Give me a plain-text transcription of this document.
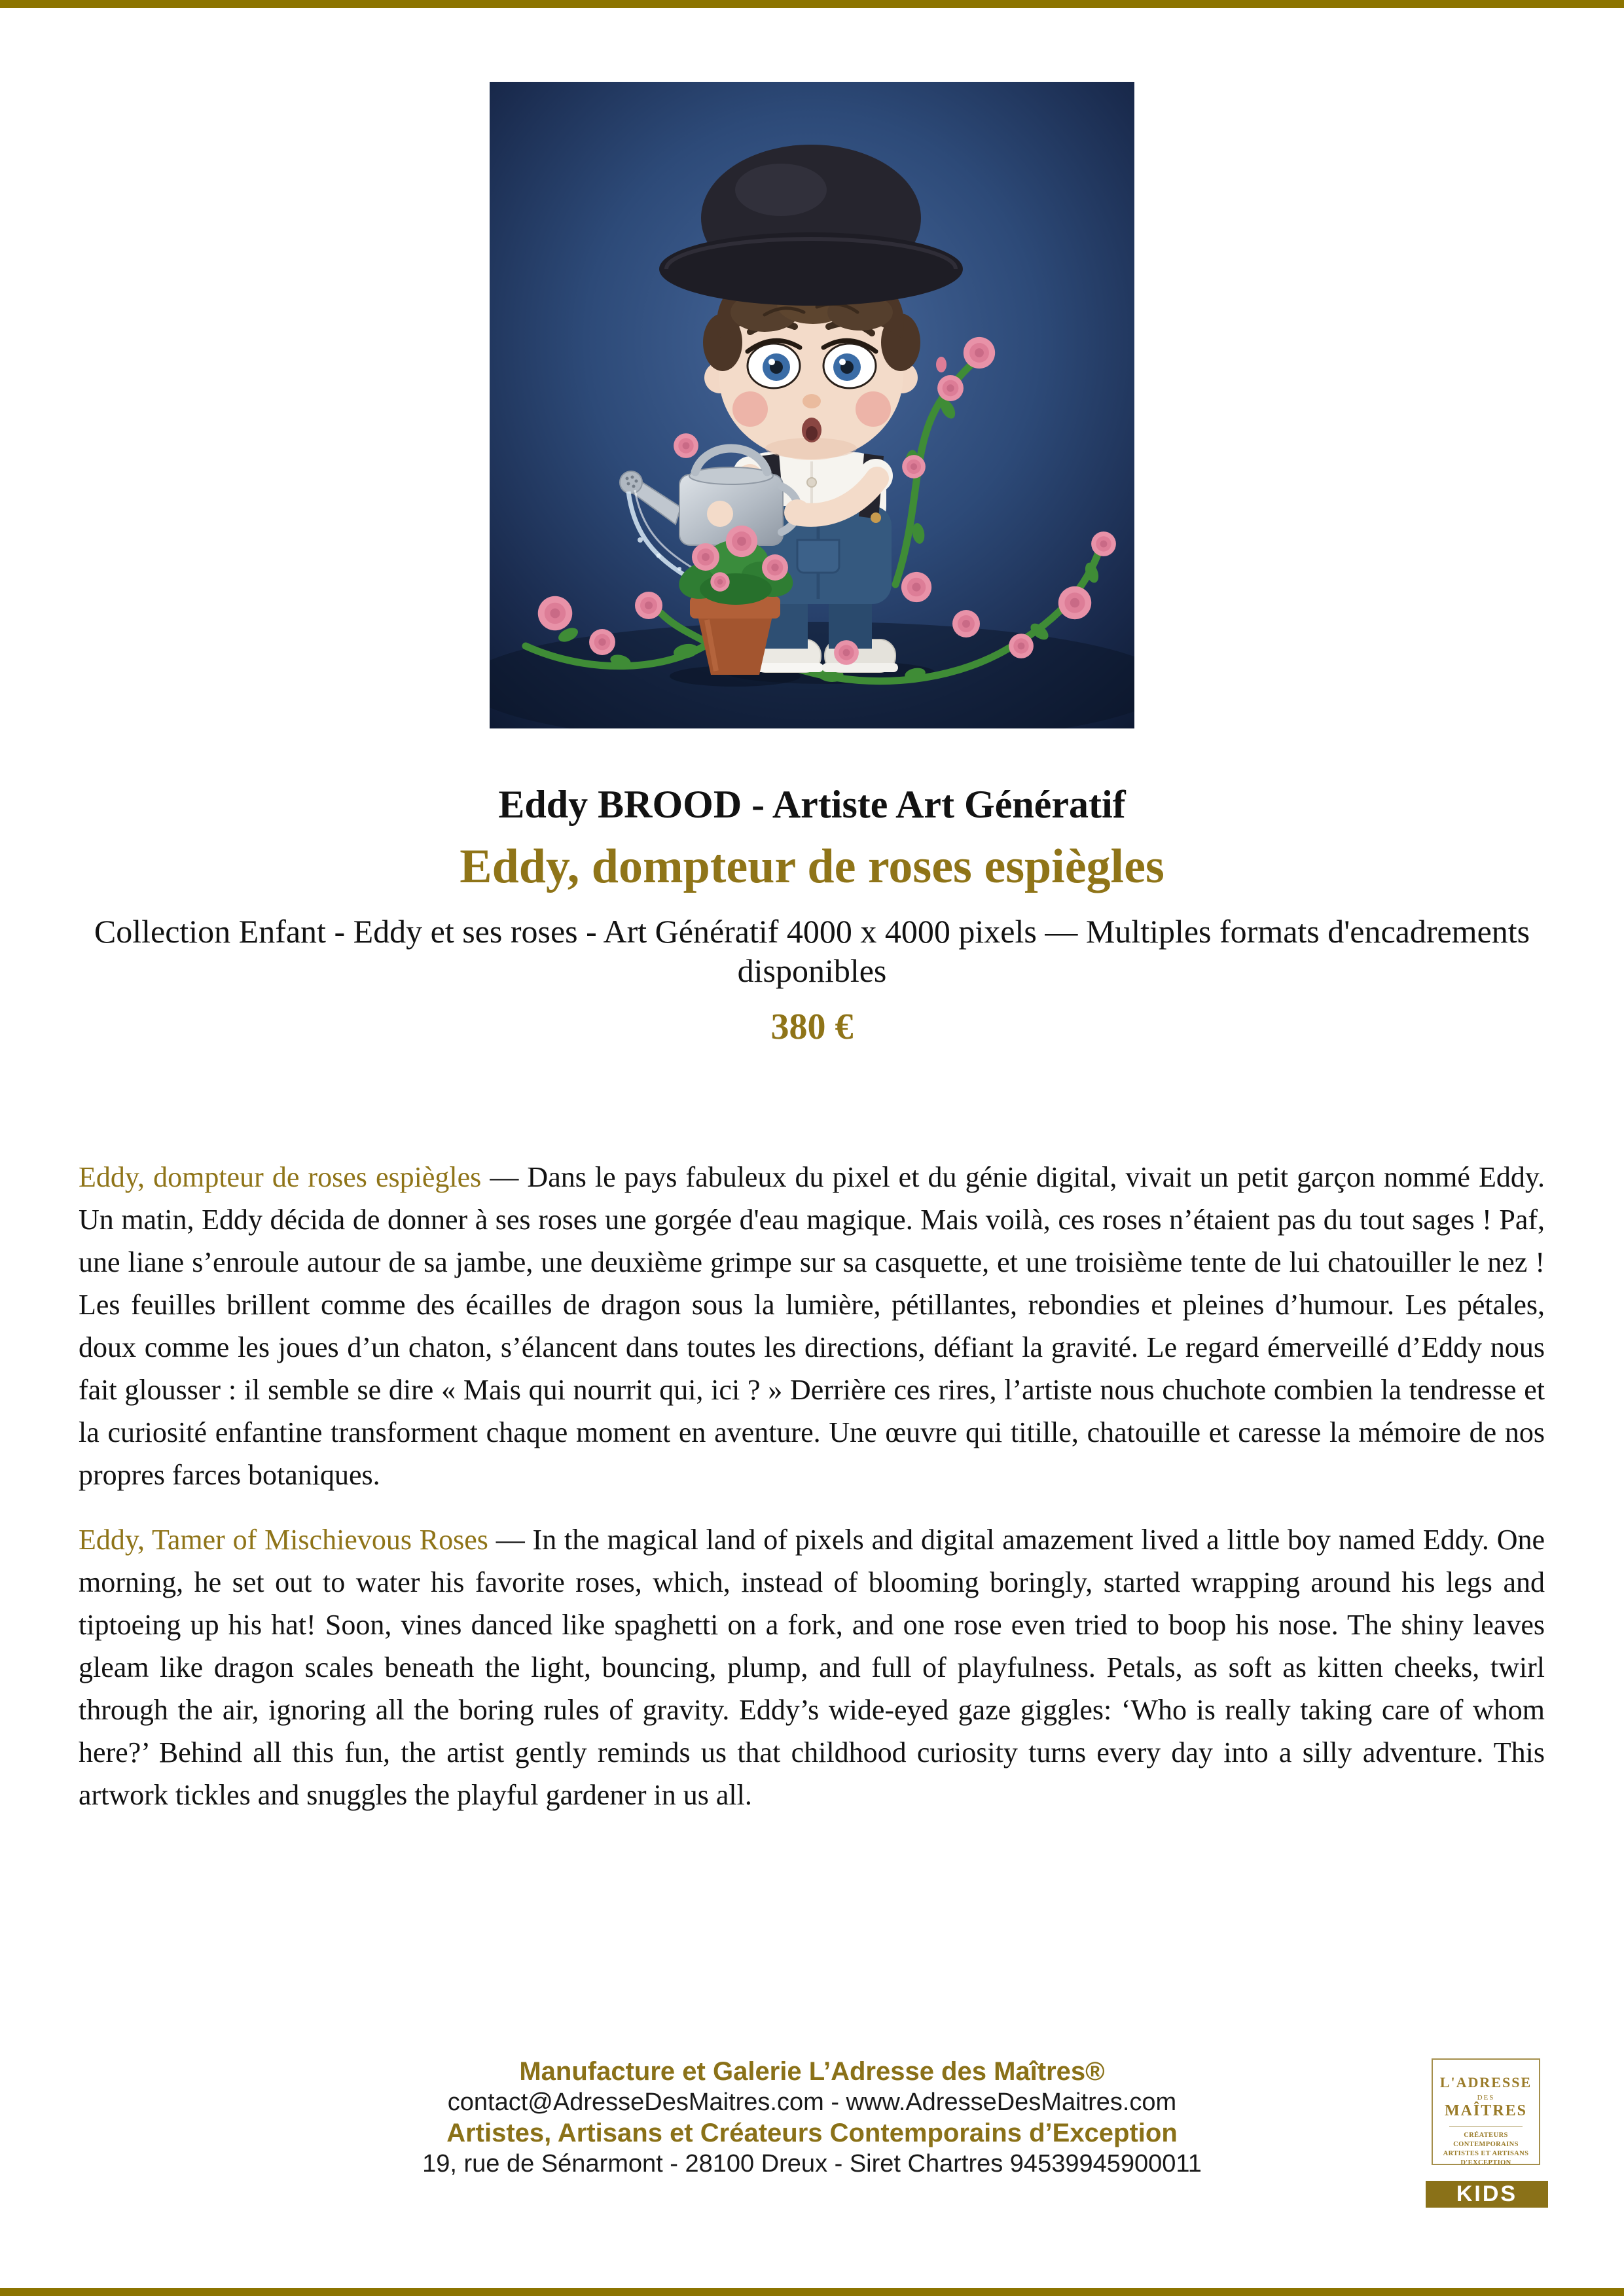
Eddy BROOD - Artiste Art Génératif
Eddy, dompteur de roses espiègles

Collection Enfant - Eddy et ses roses - Art Génératif 4000 x 4000 pixels — Multiples formats d'encadrements disponibles

380 €

Eddy, dompteur de roses espiègles — Dans le pays fabuleux du pixel et du génie digital, vivait un petit garçon nommé Eddy. Un matin, Eddy décida de donner à ses roses une gorgée d'eau magique. Mais voilà, ces roses n’étaient pas du tout sages ! Paf, une liane s’enroule autour de sa jambe, une deuxième grimpe sur sa casquette, et une troisième tente de lui chatouiller le nez ! Les feuilles brillent comme des écailles de dragon sous la lumière, pétillantes, rebondies et pleines d’humour. Les pétales, doux comme les joues d’un chaton, s’élancent dans toutes les directions, défiant la gravité. Le regard émerveillé d’Eddy nous fait glousser : il semble se dire « Mais qui nourrit qui, ici ? » Derrière ces rires, l’artiste nous chuchote combien la tendresse et la curiosité enfantine transforment chaque moment en aventure. Une œuvre qui titille, chatouille et caresse la mémoire de nos propres farces botaniques.

Eddy, Tamer of Mischievous Roses — In the magical land of pixels and digital amazement lived a little boy named Eddy. One morning, he set out to water his favorite roses, which, instead of blooming boringly, started wrapping around his legs and tiptoeing up his hat! Soon, vines danced like spaghetti on a fork, and one rose even tried to boop his nose. The shiny leaves gleam like dragon scales beneath the light, bouncing, plump, and full of playfulness. Petals, as soft as kitten cheeks, twirl through the air, ignoring all the boring rules of gravity. Eddy’s wide-eyed gaze giggles: ‘Who is really taking care of whom here?’ Behind all this fun, the artist gently reminds us that childhood curiosity turns every day into a silly adventure. This artwork tickles and snuggles the playful gardener in us all.

Manufacture et Galerie L’Adresse des Maîtres®
contact@AdresseDesMaitres.com - www.AdresseDesMaitres.com
Artistes, Artisans et Créateurs Contemporains d’Exception
19, rue de Sénarmont - 28100 Dreux - Siret Chartres 94539945900011
L'ADRESSE
DES
MAÎTRES
CRÉATEURS CONTEMPORAINS
ARTISTES ET ARTISANS
D'EXCEPTION
KIDS
